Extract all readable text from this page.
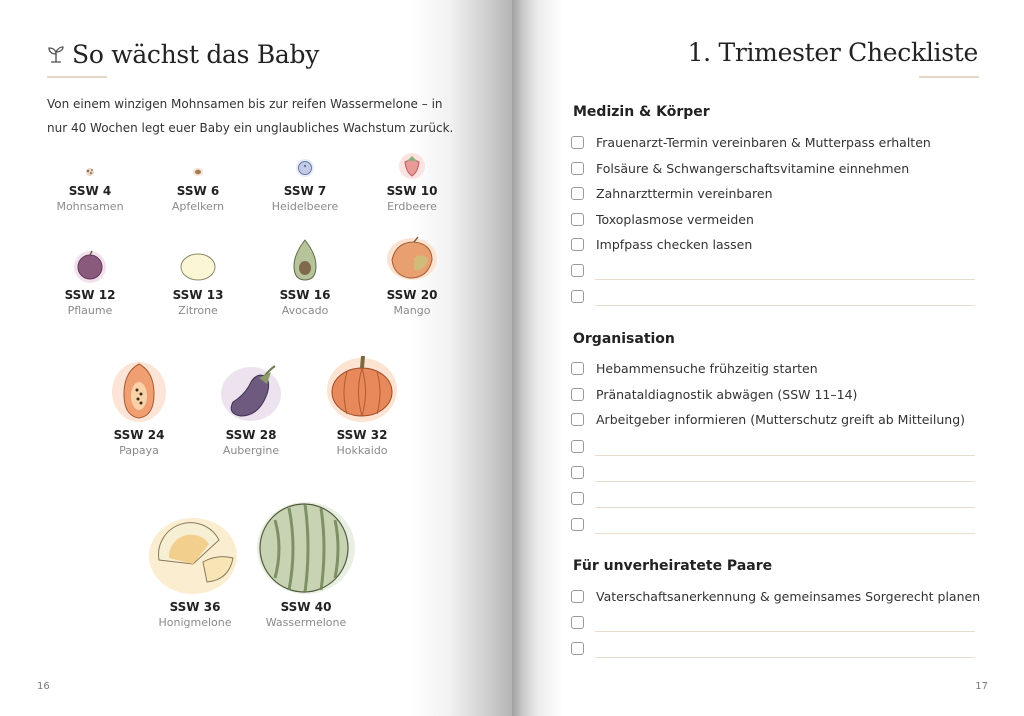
So wächst das Baby
Von einem winzigen Mohnsamen bis zur reifen Wassermelone – in nur 40 Wochen legt euer Baby ein unglaubliches Wachstum zurück.
SSW 4
Mohnsamen
SSW 6
Apfelkern
SSW 7
Heidelbeere
SSW 10
Erdbeere
SSW 12
Pflaume
SSW 13
Zitrone
SSW 16
Avocado
SSW 20
Mango
SSW 24
Papaya
SSW 28
Aubergine
SSW 32
Hokkaido
SSW 36
Honigmelone
SSW 40
Wassermelone
16
1. Trimester Checkliste
Medizin & Körper
Frauenarzt-Termin vereinbaren & Mutterpass erhalten
Folsäure & Schwangerschaftsvitamine einnehmen
Zahnarzttermin vereinbaren
Toxoplasmose vermeiden
Impfpass checken lassen
Organisation
Hebammensuche frühzeitig starten
Pränataldiagnostik abwägen (SSW 11–14)
Arbeitgeber informieren (Mutterschutz greift ab Mitteilung)
Für unverheiratete Paare
Vaterschaftsanerkennung & gemeinsames Sorgerecht planen
17
